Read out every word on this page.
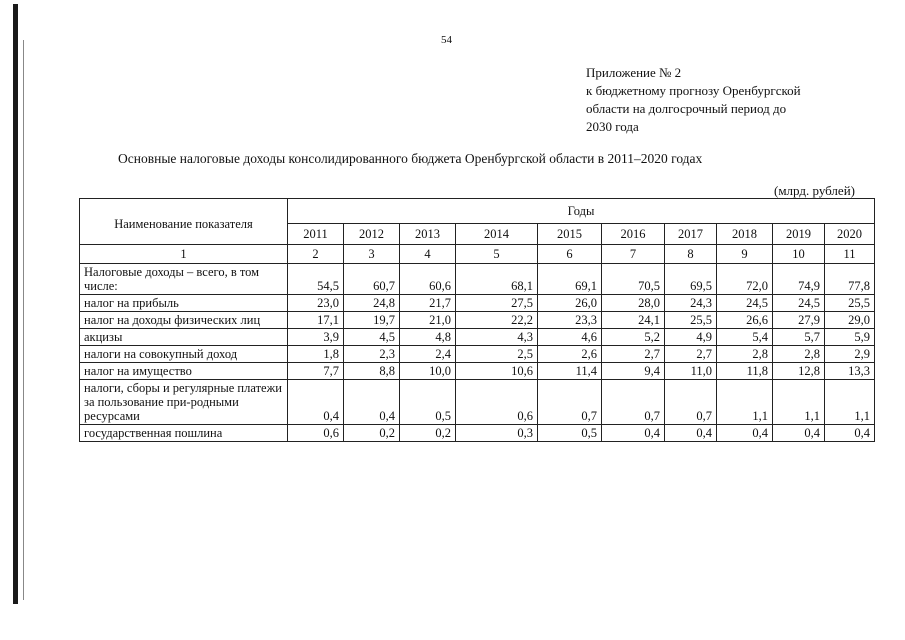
54
Приложение № 2
к бюджетному прогнозу Оренбургской
области на долгосрочный период до
2030 года
Основные налоговые доходы консолидированного бюджета Оренбургской области в 2011–2020 годах
(млрд. рублей)
Наименование показателя	Годы									
	2011	2012	2013	2014	2015	2016	2017	2018	2019	2020
1	2	3	4	5	6	7	8	9	10	11
Налоговые доходы – всего, в том числе:	54,5	60,7	60,6	68,1	69,1	70,5	69,5	72,0	74,9	77,8
налог на прибыль	23,0	24,8	21,7	27,5	26,0	28,0	24,3	24,5	24,5	25,5
налог на доходы физических лиц	17,1	19,7	21,0	22,2	23,3	24,1	25,5	26,6	27,9	29,0
акцизы	3,9	4,5	4,8	4,3	4,6	5,2	4,9	5,4	5,7	5,9
налоги на совокупный доход	1,8	2,3	2,4	2,5	2,6	2,7	2,7	2,8	2,8	2,9
налог на имущество	7,7	8,8	10,0	10,6	11,4	9,4	11,0	11,8	12,8	13,3
налоги, сборы и регулярные платежи за пользование при-родными ресурсами	0,4	0,4	0,5	0,6	0,7	0,7	0,7	1,1	1,1	1,1
государственная пошлина	0,6	0,2	0,2	0,3	0,5	0,4	0,4	0,4	0,4	0,4
